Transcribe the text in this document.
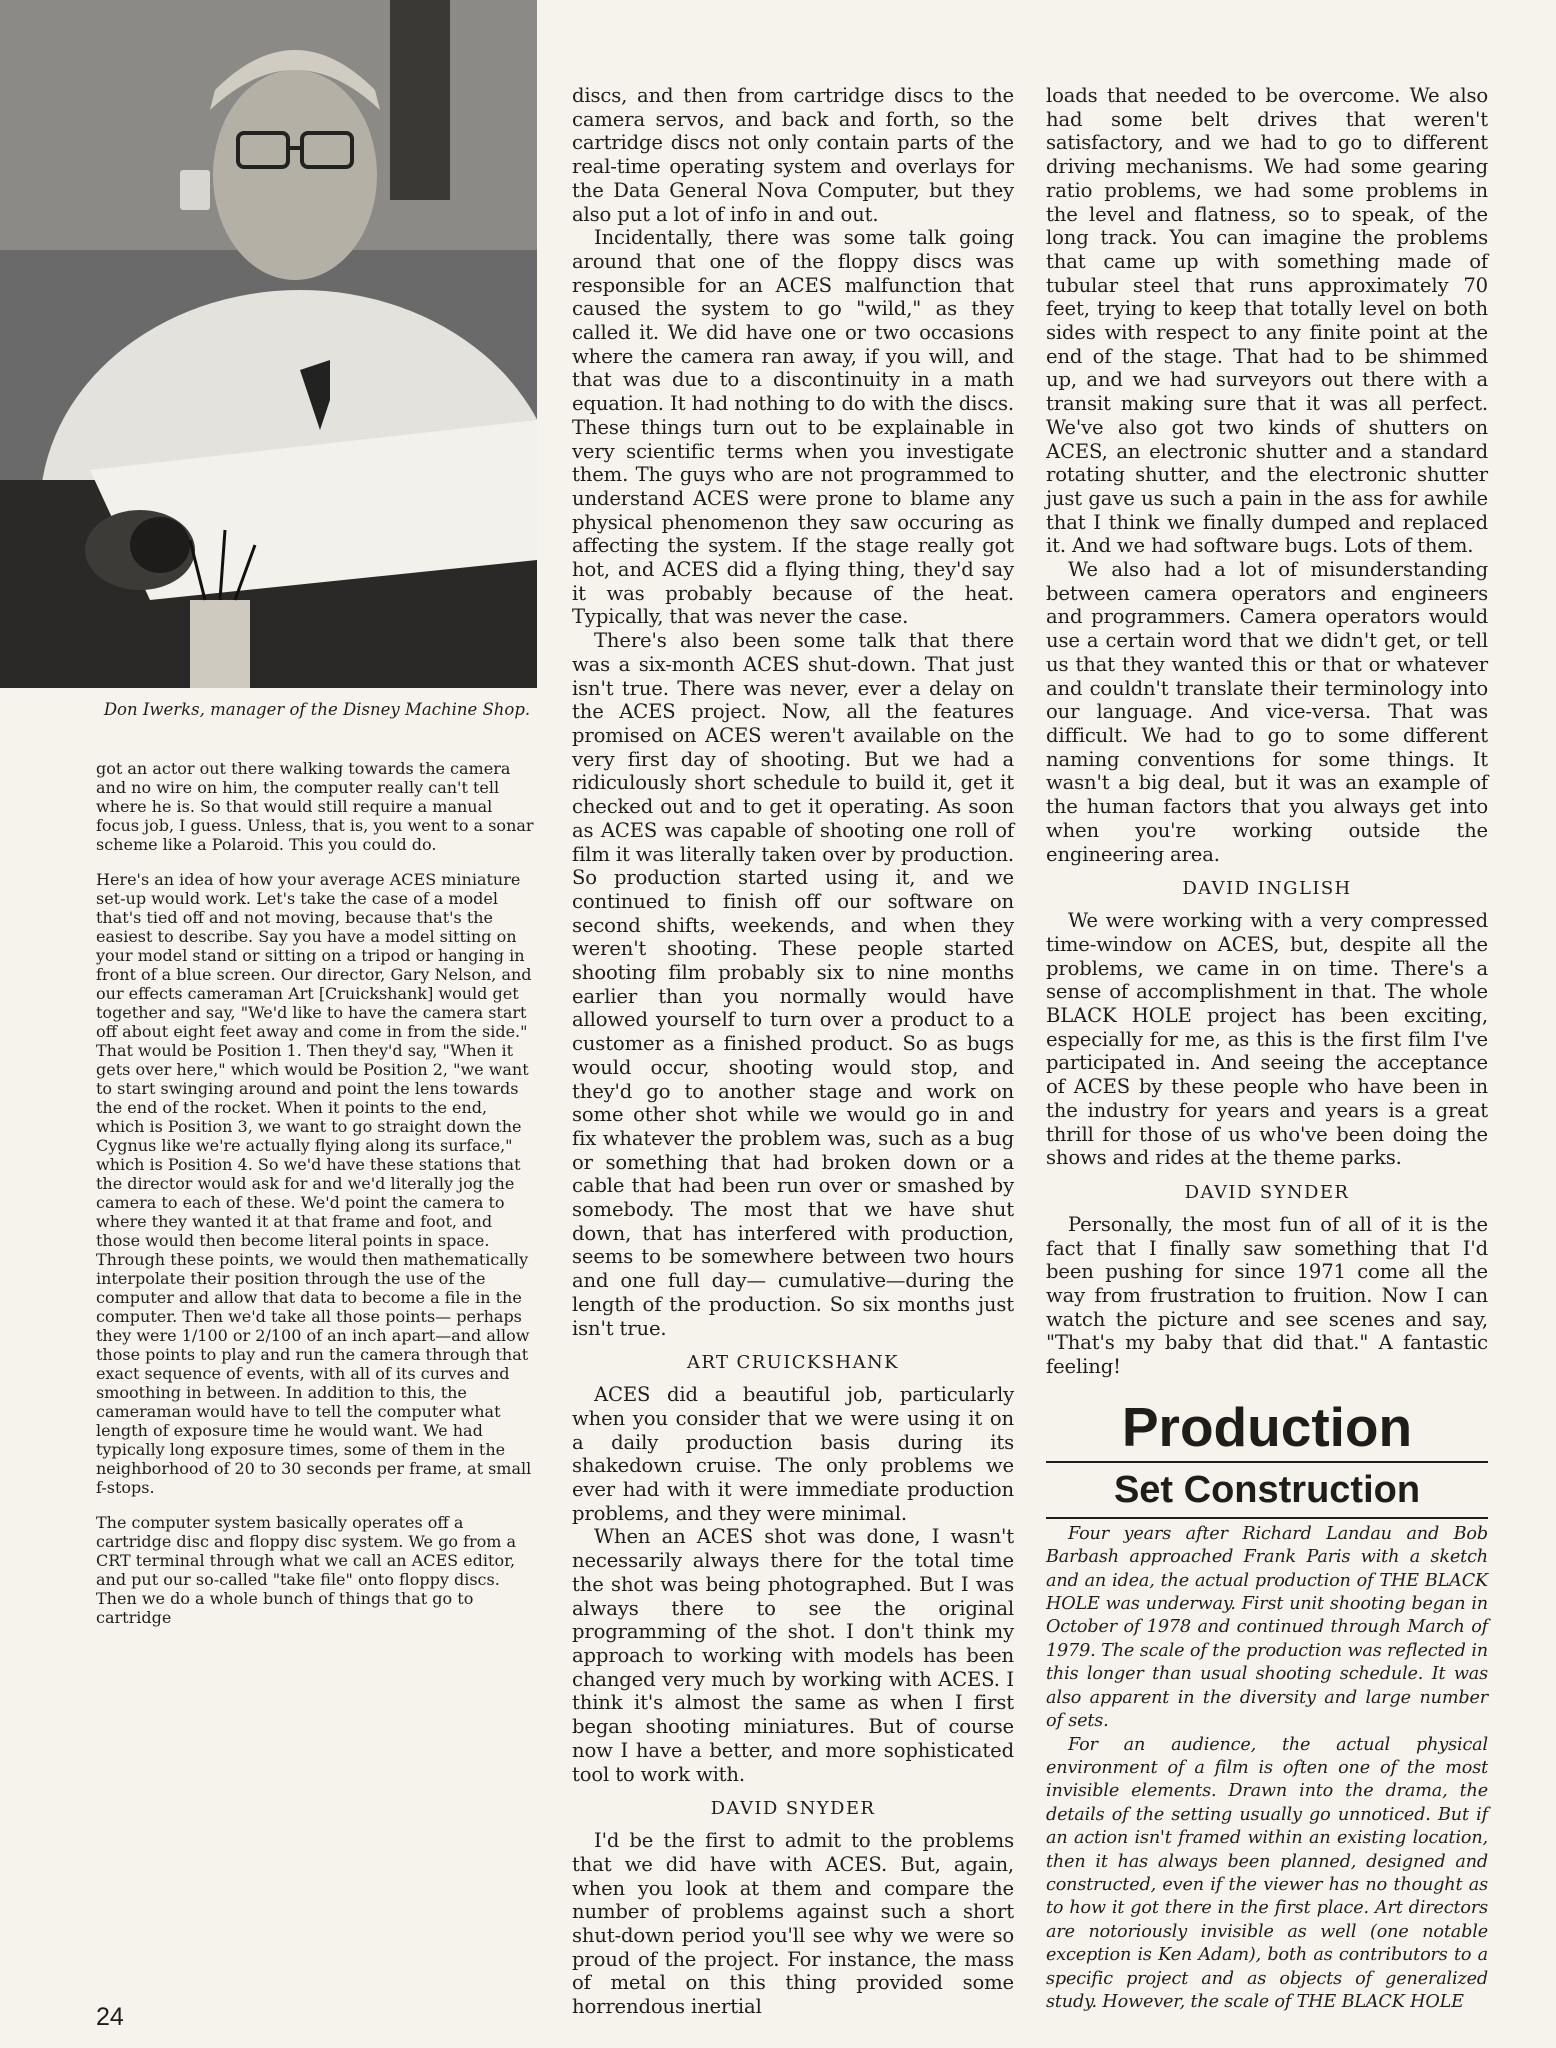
Don Iwerks, manager of the Disney Machine Shop.

got an actor out there walking towards the camera and no wire on him, the computer really can't tell where he is. So that would still require a manual focus job, I guess. Unless, that is, you went to a sonar scheme like a Polaroid. This you could do.

Here's an idea of how your average ACES miniature set-up would work. Let's take the case of a model that's tied off and not moving, because that's the easiest to describe. Say you have a model sitting on your model stand or sitting on a tripod or hanging in front of a blue screen. Our director, Gary Nelson, and our effects cameraman Art [Cruickshank] would get together and say, "We'd like to have the camera start off about eight feet away and come in from the side." That would be Position 1. Then they'd say, "When it gets over here," which would be Position 2, "we want to start swinging around and point the lens towards the end of the rocket. When it points to the end, which is Position 3, we want to go straight down the Cygnus like we're actually flying along its surface," which is Position 4. So we'd have these stations that the director would ask for and we'd literally jog the camera to each of these. We'd point the camera to where they wanted it at that frame and foot, and those would then become literal points in space. Through these points, we would then mathematically interpolate their position through the use of the computer and allow that data to become a file in the computer. Then we'd take all those points— perhaps they were 1/100 or 2/100 of an inch apart—and allow those points to play and run the camera through that exact sequence of events, with all of its curves and smoothing in between. In addition to this, the cameraman would have to tell the computer what length of exposure time he would want. We had typically long exposure times, some of them in the neighborhood of 20 to 30 seconds per frame, at small f-stops.

The computer system basically operates off a cartridge disc and floppy disc system. We go from a CRT terminal through what we call an ACES editor, and put our so-called "take file" onto floppy discs. Then we do a whole bunch of things that go to cartridge

discs, and then from cartridge discs to the camera servos, and back and forth, so the cartridge discs not only contain parts of the real-time operating system and overlays for the Data General Nova Computer, but they also put a lot of info in and out.

Incidentally, there was some talk going around that one of the floppy discs was responsible for an ACES malfunction that caused the system to go "wild," as they called it. We did have one or two occasions where the camera ran away, if you will, and that was due to a discontinuity in a math equation. It had nothing to do with the discs. These things turn out to be explainable in very scientific terms when you investigate them. The guys who are not programmed to understand ACES were prone to blame any physical phenomenon they saw occuring as affecting the system. If the stage really got hot, and ACES did a flying thing, they'd say it was probably because of the heat. Typically, that was never the case.

There's also been some talk that there was a six-month ACES shut-down. That just isn't true. There was never, ever a delay on the ACES project. Now, all the features promised on ACES weren't available on the very first day of shooting. But we had a ridiculously short schedule to build it, get it checked out and to get it operating. As soon as ACES was capable of shooting one roll of film it was literally taken over by production. So production started using it, and we continued to finish off our software on second shifts, weekends, and when they weren't shooting. These people started shooting film probably six to nine months earlier than you normally would have allowed yourself to turn over a product to a customer as a finished product. So as bugs would occur, shooting would stop, and they'd go to another stage and work on some other shot while we would go in and fix whatever the problem was, such as a bug or something that had broken down or a cable that had been run over or smashed by somebody. The most that we have shut down, that has interfered with production, seems to be somewhere between two hours and one full day— cumulative—during the length of the production. So six months just isn't true.

ART CRUICKSHANK

ACES did a beautiful job, particularly when you consider that we were using it on a daily production basis during its shakedown cruise. The only problems we ever had with it were immediate production problems, and they were minimal.

When an ACES shot was done, I wasn't necessarily always there for the total time the shot was being photographed. But I was always there to see the original programming of the shot. I don't think my approach to working with models has been changed very much by working with ACES. I think it's almost the same as when I first began shooting miniatures. But of course now I have a better, and more sophisticated tool to work with.

DAVID SNYDER

I'd be the first to admit to the problems that we did have with ACES. But, again, when you look at them and compare the number of problems against such a short shut-down period you'll see why we were so proud of the project. For instance, the mass of metal on this thing provided some horrendous inertial

loads that needed to be overcome. We also had some belt drives that weren't satisfactory, and we had to go to different driving mechanisms. We had some gearing ratio problems, we had some problems in the level and flatness, so to speak, of the long track. You can imagine the problems that came up with something made of tubular steel that runs approximately 70 feet, trying to keep that totally level on both sides with respect to any finite point at the end of the stage. That had to be shimmed up, and we had surveyors out there with a transit making sure that it was all perfect. We've also got two kinds of shutters on ACES, an electronic shutter and a standard rotating shutter, and the electronic shutter just gave us such a pain in the ass for awhile that I think we finally dumped and replaced it. And we had software bugs. Lots of them.

We also had a lot of misunderstanding between camera operators and engineers and programmers. Camera operators would use a certain word that we didn't get, or tell us that they wanted this or that or whatever and couldn't translate their terminology into our language. And vice-versa. That was difficult. We had to go to some different naming conventions for some things. It wasn't a big deal, but it was an example of the human factors that you always get into when you're working outside the engineering area.

DAVID INGLISH

We were working with a very compressed time-window on ACES, but, despite all the problems, we came in on time. There's a sense of accomplishment in that. The whole BLACK HOLE project has been exciting, especially for me, as this is the first film I've participated in. And seeing the acceptance of ACES by these people who have been in the industry for years and years is a great thrill for those of us who've been doing the shows and rides at the theme parks.

DAVID SYNDER

Personally, the most fun of all of it is the fact that I finally saw something that I'd been pushing for since 1971 come all the way from frustration to fruition. Now I can watch the picture and see scenes and say, "That's my baby that did that." A fantastic feeling!

Production
Set Construction

Four years after Richard Landau and Bob Barbash approached Frank Paris with a sketch and an idea, the actual production of THE BLACK HOLE was underway. First unit shooting began in October of 1978 and continued through March of 1979. The scale of the production was reflected in this longer than usual shooting schedule. It was also apparent in the diversity and large number of sets.

For an audience, the actual physical environment of a film is often one of the most invisible elements. Drawn into the drama, the details of the setting usually go unnoticed. But if an action isn't framed within an existing location, then it has always been planned, designed and constructed, even if the viewer has no thought as to how it got there in the first place. Art directors are notoriously invisible as well (one notable exception is Ken Adam), both as contributors to a specific project and as objects of generalized study. However, the scale of THE BLACK HOLE

24
